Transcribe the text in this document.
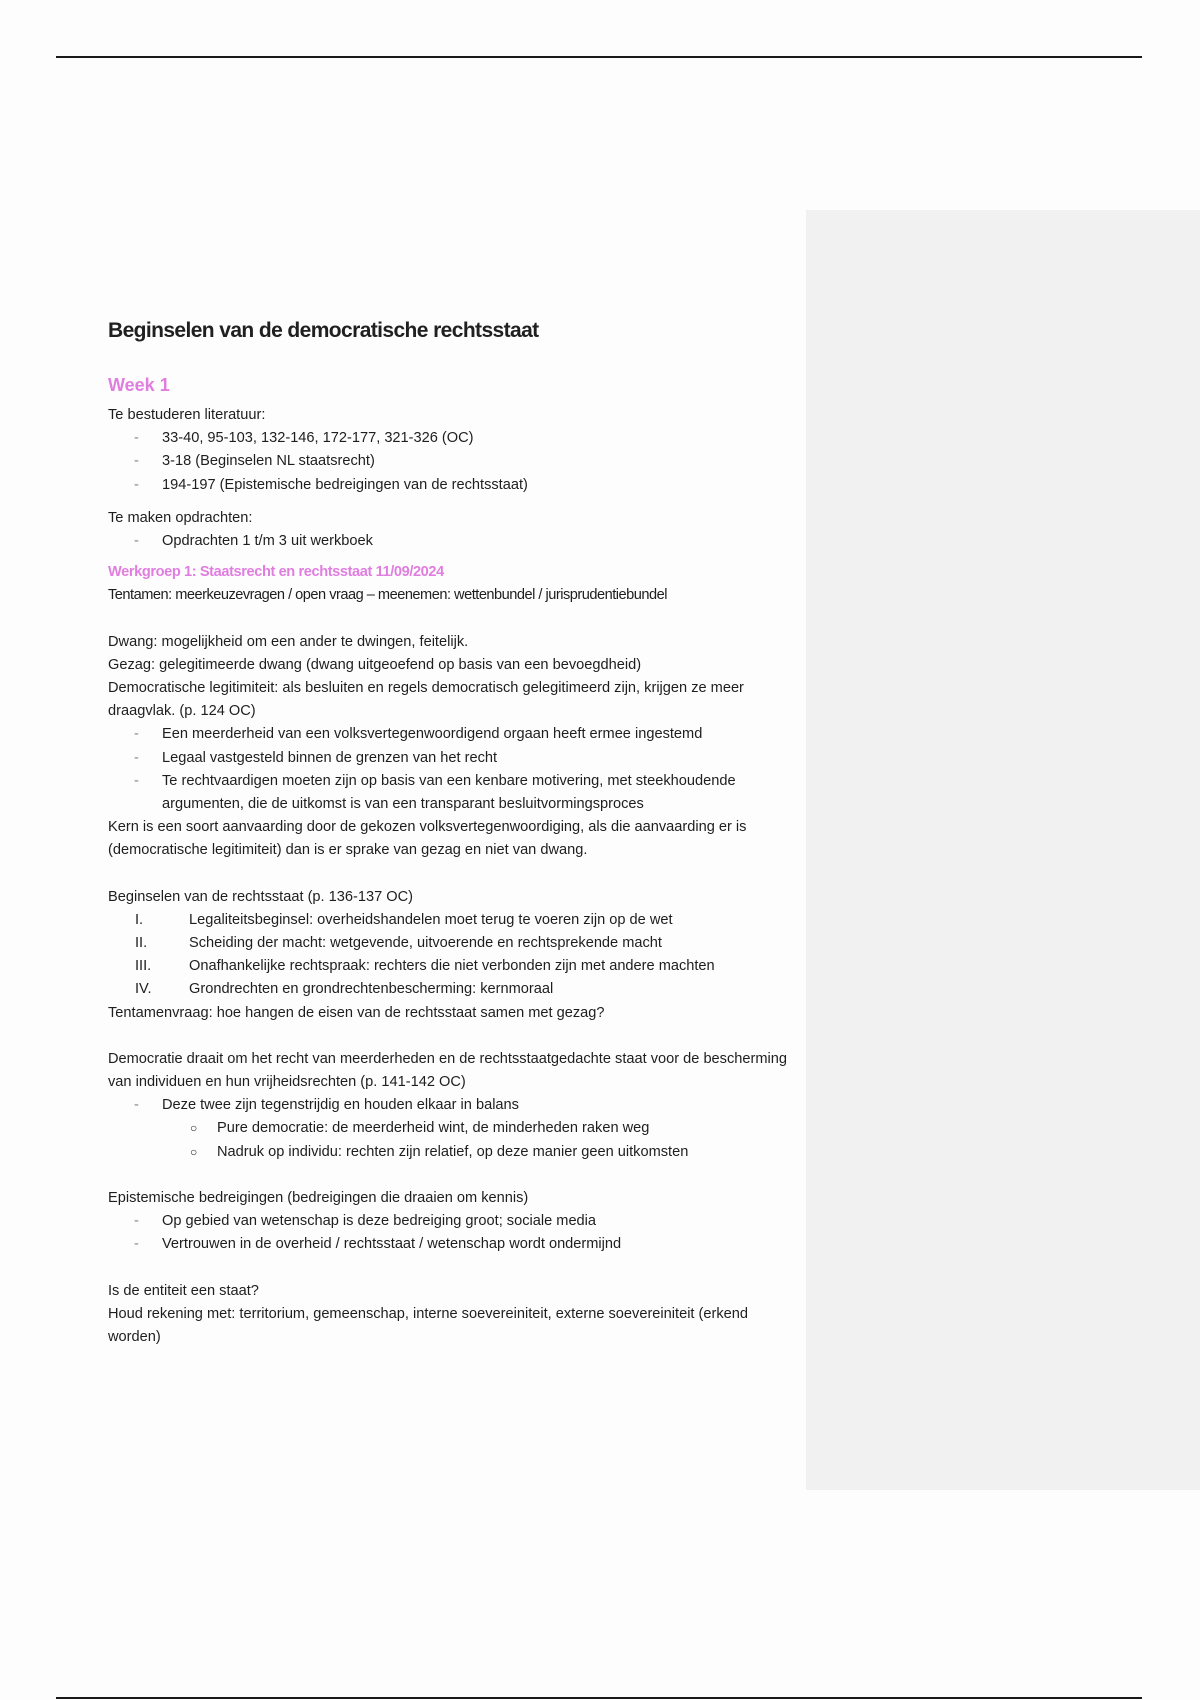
Beginselen van de democratische rechtsstaat
Week 1

Te bestuderen literatuur:

- 33-40, 95-103, 132-146, 172-177, 321-326 (OC)
- 3-18 (Beginselen NL staatsrecht)
- 194-197 (Epistemische bedreigingen van de rechtsstaat)

Te maken opdrachten:

- Opdrachten 1 t/m 3 uit werkboek

Werkgroep 1: Staatsrecht en rechtsstaat 11/09/2024

Tentamen: meerkeuzevragen / open vraag – meenemen: wettenbundel / jurisprudentiebundel

Dwang: mogelijkheid om een ander te dwingen, feitelijk.

Gezag: gelegitimeerde dwang (dwang uitgeoefend op basis van een bevoegdheid)

Democratische legitimiteit: als besluiten en regels democratisch gelegitimeerd zijn, krijgen ze meer draagvlak. (p. 124 OC)

- Een meerderheid van een volksvertegenwoordigend orgaan heeft ermee ingestemd
- Legaal vastgesteld binnen de grenzen van het recht
- Te rechtvaardigen moeten zijn op basis van een kenbare motivering, met steekhoudende argumenten, die de uitkomst is van een transparant besluitvormingsproces

Kern is een soort aanvaarding door de gekozen volksvertegenwoordiging, als die aanvaarding er is (democratische legitimiteit) dan is er sprake van gezag en niet van dwang.

Beginselen van de rechtsstaat (p. 136-137 OC)

I.	Legaliteitsbeginsel: overheidshandelen moet terug te voeren zijn op de wet
II.	Scheiding der macht: wetgevende, uitvoerende en rechtsprekende macht
III.	Onafhankelijke rechtspraak: rechters die niet verbonden zijn met andere machten
IV.	Grondrechten en grondrechtenbescherming: kernmoraal

Tentamenvraag: hoe hangen de eisen van de rechtsstaat samen met gezag?

Democratie draait om het recht van meerderheden en de rechtsstaatgedachte staat voor de bescherming van individuen en hun vrijheidsrechten (p. 141-142 OC)

- Deze twee zijn tegenstrijdig en houden elkaar in balans
○ Pure democratie: de meerderheid wint, de minderheden raken weg
○ Nadruk op individu: rechten zijn relatief, op deze manier geen uitkomsten

Epistemische bedreigingen (bedreigingen die draaien om kennis)

- Op gebied van wetenschap is deze bedreiging groot; sociale media
- Vertrouwen in de overheid / rechtsstaat / wetenschap wordt ondermijnd

Is de entiteit een staat?

Houd rekening met: territorium, gemeenschap, interne soevereiniteit, externe soevereiniteit (erkend worden)
